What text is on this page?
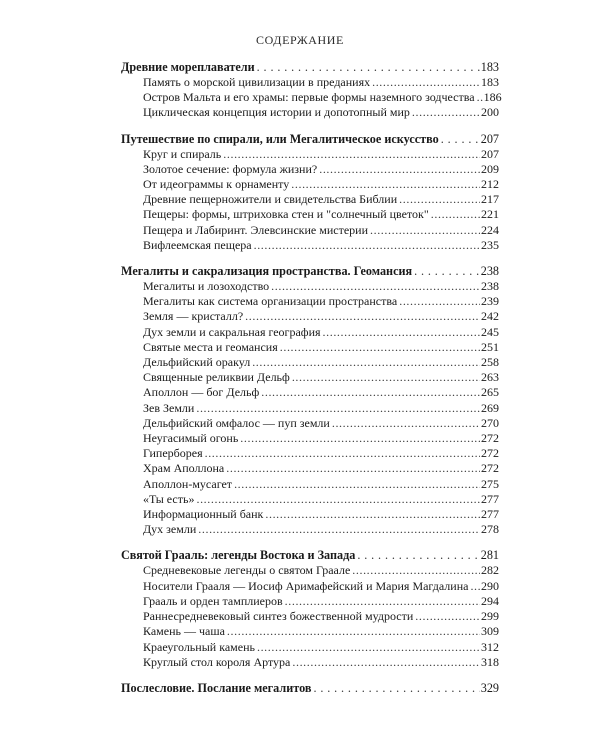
СОДЕРЖАНИЕ
Древние мореплаватели . . .	183
Память о морской цивилизации в преданиях .....	183
Остров Мальта и его храмы: первые формы наземного зодчества ..... 186
Циклическая концепция истории и допотопный мир .....	200
Путешествие по спирали, или Мегалитическое искусство . . .	207
Круг и спираль .....	207
Золотое сечение: формула жизни? .....	209
От идеограммы к орнаменту .....	212
Древние пещерножители и свидетельства Библии .....	217
Пещеры: формы, штриховка стен и "солнечный цветок" .....	221
Пещера и Лабиринт. Элевсинские мистерии .....	224
Вифлеемская пещера .....	235
Мегалиты и сакрализация пространства. Геомансия . . .	238
Мегалиты и лозоходство .....	238
Мегалиты как система организации пространства .....	239
Земля — кристалл? .....	242
Дух земли и сакральная география .....	245
Святые места и геомансия .....	251
Дельфийский оракул .....	258
Священные реликвии Дельф .....	263
Аполлон — бог Дельф .....	265
Зев Земли .....	269
Дельфийский омфалос — пуп земли .....	270
Неугасимый огонь .....	272
Гиперборея .....	272
Храм Аполлона .....	272
Аполлон-мусагет .....	275
«Ты есть» .....	277
Информационный банк .....	277
Дух земли .....	278
Святой Грааль: легенды Востока и Запада . . .	281
Средневековые легенды о святом Граале .....	282
Носители Грааля — Иосиф Аримафейский и Мария Магдалина ..... 290
Грааль и орден тамплиеров .....	294
Раннесредневековый синтез божественной мудрости .....	299
Камень — чаша .....	309
Краеугольный камень .....	312
Круглый стол короля Артура .....	318
Послесловие. Послание мегалитов . . .	329
